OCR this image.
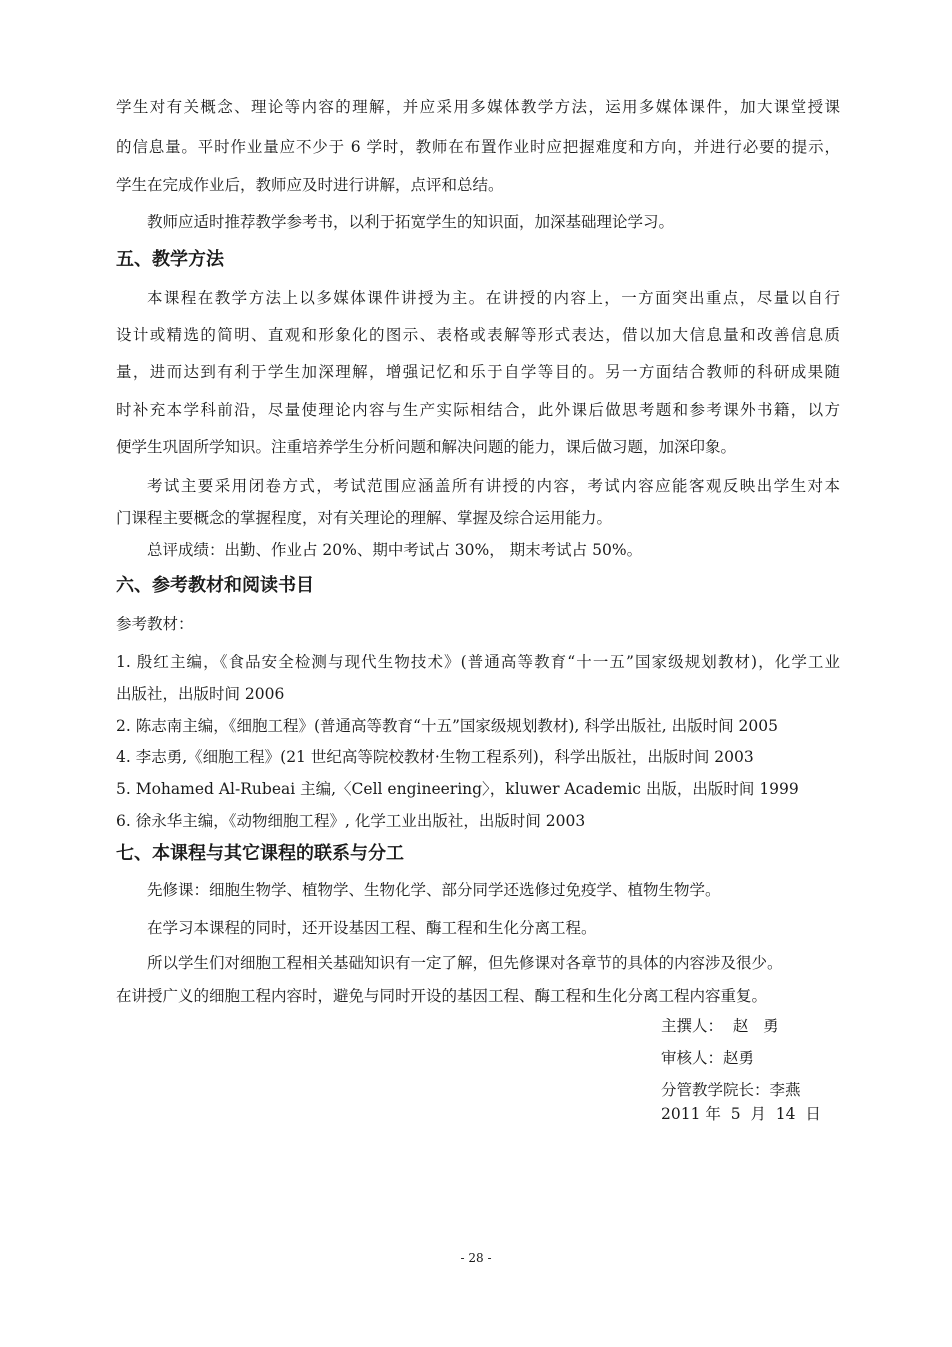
学生对有关概念、理论等内容的理解，并应采用多媒体教学方法，运用多媒体课件，加大课堂授课
的信息量。平时作业量应不少于 6 学时，教师在布置作业时应把握难度和方向，并进行必要的提示，
学生在完成作业后，教师应及时进行讲解，点评和总结。
教师应适时推荐教学参考书，以利于拓宽学生的知识面，加深基础理论学习。
五、教学方法
本课程在教学方法上以多媒体课件讲授为主。在讲授的内容上，一方面突出重点，尽量以自行
设计或精选的简明、直观和形象化的图示、表格或表解等形式表达，借以加大信息量和改善信息质
量，进而达到有利于学生加深理解，增强记忆和乐于自学等目的。另一方面结合教师的科研成果随
时补充本学科前沿，尽量使理论内容与生产实际相结合，此外课后做思考题和参考课外书籍，以方
便学生巩固所学知识。注重培养学生分析问题和解决问题的能力，课后做习题，加深印象。
考试主要采用闭卷方式，考试范围应涵盖所有讲授的内容，考试内容应能客观反映出学生对本
门课程主要概念的掌握程度，对有关理论的理解、掌握及综合运用能力。
总评成绩：出勤、作业占 20%、期中考试占 30%， 期末考试占 50%。
六、参考教材和阅读书目
参考教材：
1. 殷红主编，《食品安全检测与现代生物技术》(普通高等教育“十一五”国家级规划教材)，化学工业
出版社，出版时间 2006
2. 陈志南主编，《细胞工程》(普通高等教育“十五”国家级规划教材), 科学出版社, 出版时间 2005
4. 李志勇,《细胞工程》(21 世纪高等院校教材·生物工程系列)，科学出版社，出版时间 2003
5. Mohamed Al-Rubeai 主编,〈Cell engineering〉，kluwer Academic 出版，出版时间 1999
6. 徐永华主编，《动物细胞工程》, 化学工业出版社，出版时间 2003
七、本课程与其它课程的联系与分工
先修课：细胞生物学、植物学、生物化学、部分同学还选修过免疫学、植物生物学。
在学习本课程的同时，还开设基因工程、酶工程和生化分离工程。
所以学生们对细胞工程相关基础知识有一定了解，但先修课对各章节的具体的内容涉及很少。
在讲授广义的细胞工程内容时，避免与同时开设的基因工程、酶工程和生化分离工程内容重复。
主撰人：  赵   勇
审核人：赵勇
分管教学院长：李燕
2011 年  5  月  14  日
- 28 -
